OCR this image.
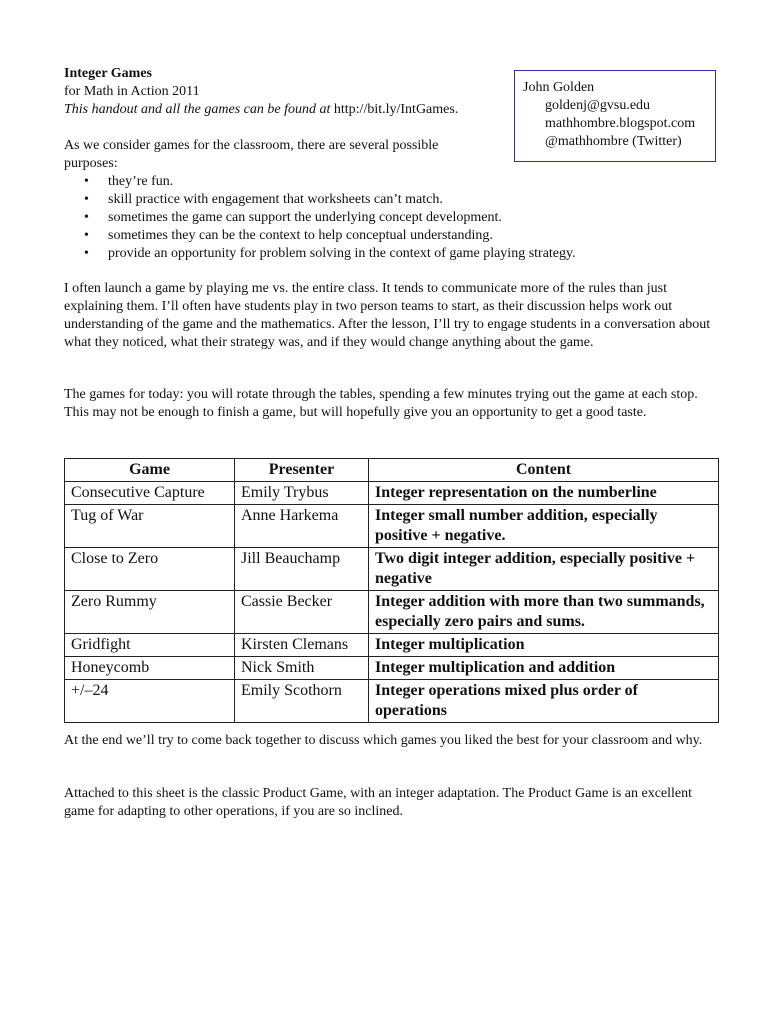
Integer Games
for Math in Action 2011
This handout and all the games can be found at http://bit.ly/IntGames.
John Golden
goldenj@gvsu.edu
mathhombre.blogspot.com
@mathhombre (Twitter)
As we consider games for the classroom, there are several possible purposes:
• they’re fun.
• skill practice with engagement that worksheets can’t match.
• sometimes the game can support the underlying concept development.
• sometimes they can be the context to help conceptual understanding.
• provide an opportunity for problem solving in the context of game playing strategy.
I often launch a game by playing me vs. the entire class. It tends to communicate more of the rules than just explaining them. I’ll often have students play in two person teams to start, as their discussion helps work out understanding of the game and the mathematics. After the lesson, I’ll try to engage students in a conversation about what they noticed, what their strategy was, and if they would change anything about the game.
The games for today: you will rotate through the tables, spending a few minutes trying out the game at each stop. This may not be enough to finish a game, but will hopefully give you an opportunity to get a good taste.
Game	Presenter	Content
Consecutive Capture	Emily Trybus	Integer representation on the numberline
Tug of War	Anne Harkema	Integer small number addition, especially positive + negative.
Close to Zero	Jill Beauchamp	Two digit integer addition, especially positive + negative
Zero Rummy	Cassie Becker	Integer addition with more than two summands, especially zero pairs and sums.
Gridfight	Kirsten Clemans	Integer multiplication
Honeycomb	Nick Smith	Integer multiplication and addition
+/–24	Emily Scothorn	Integer operations mixed plus order of operations
At the end we’ll try to come back together to discuss which games you liked the best for your classroom and why.
Attached to this sheet is the classic Product Game, with an integer adaptation. The Product Game is an excellent game for adapting to other operations, if you are so inclined.
